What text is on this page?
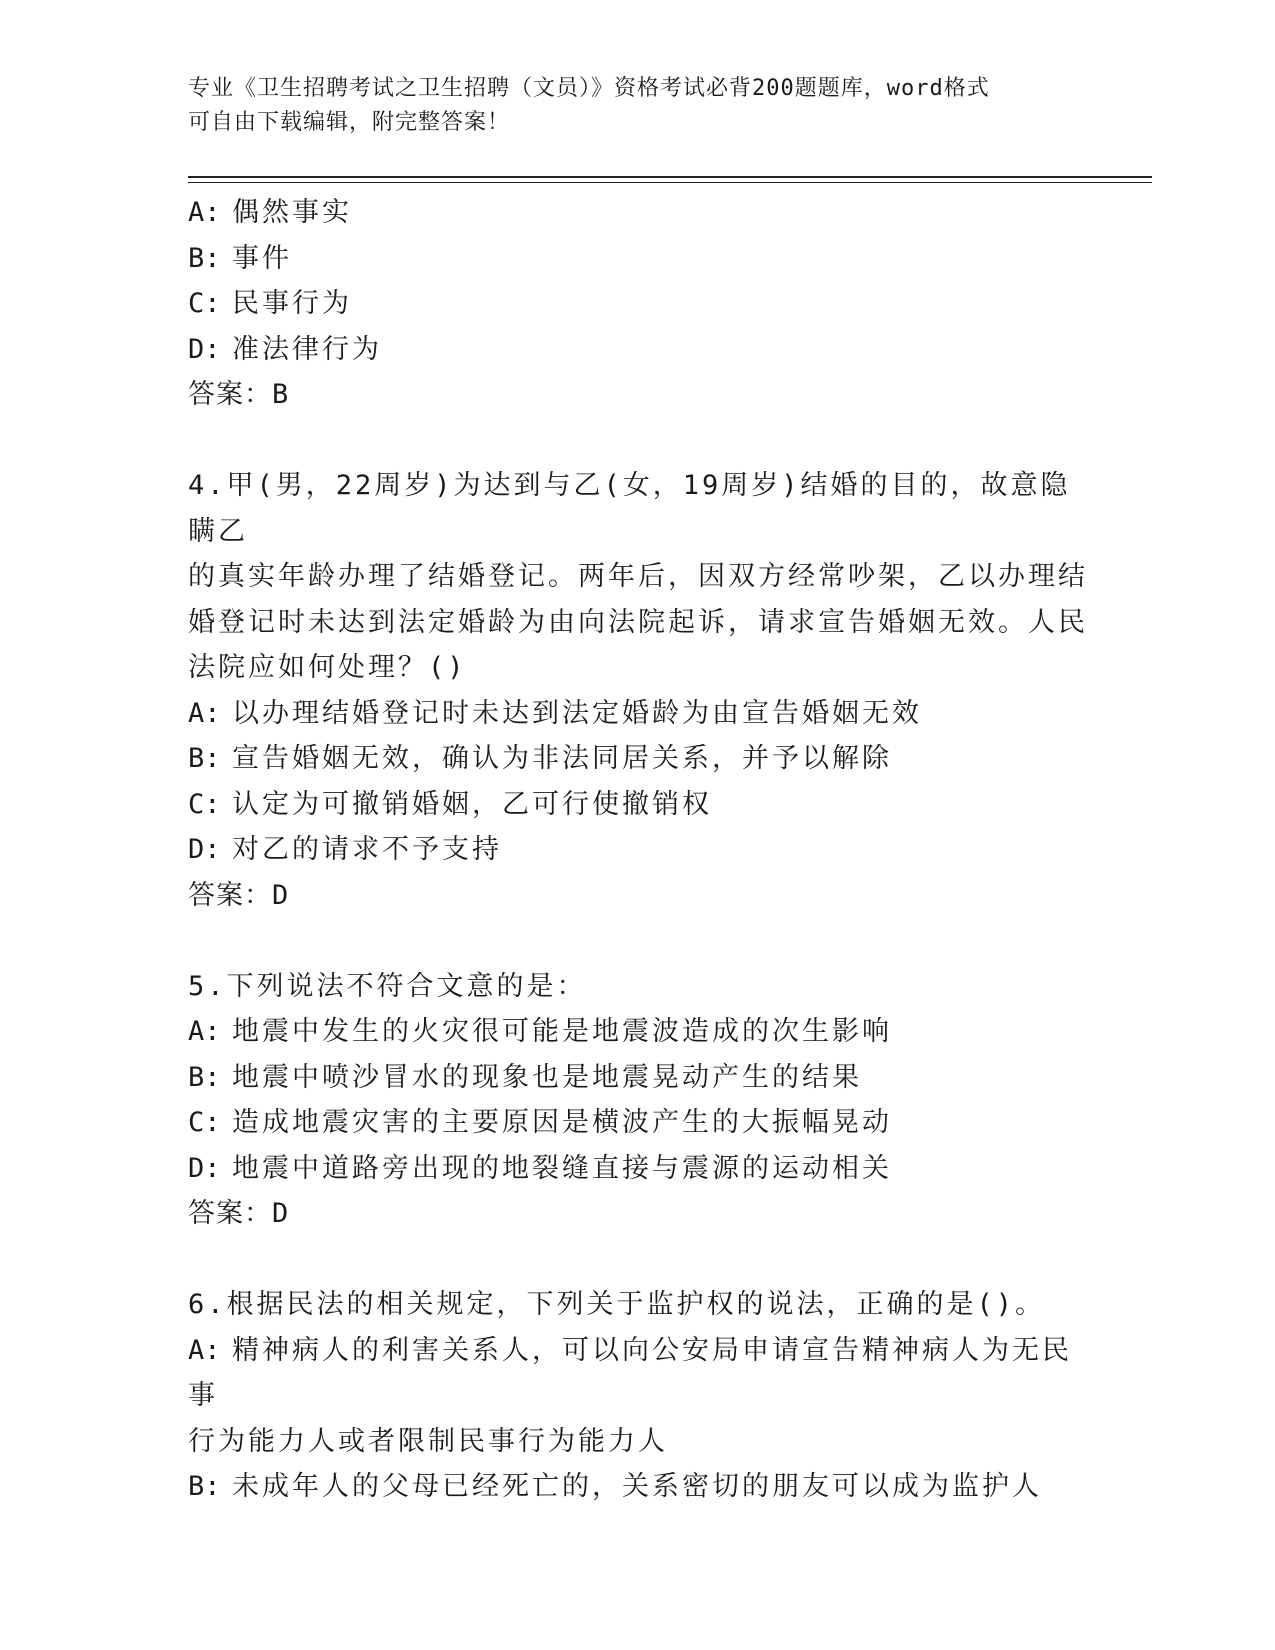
专业《卫生招聘考试之卫生招聘（文员）》资格考试必背200题题库，word格式
可自由下载编辑，附完整答案！
A: 偶然事实
B: 事件
C: 民事行为
D: 准法律行为
答案：B
4.甲(男，22周岁)为达到与乙(女，19周岁)结婚的目的，故意隐瞒乙
的真实年龄办理了结婚登记。两年后，因双方经常吵架，乙以办理结
婚登记时未达到法定婚龄为由向法院起诉，请求宣告婚姻无效。人民
法院应如何处理？()
A: 以办理结婚登记时未达到法定婚龄为由宣告婚姻无效
B: 宣告婚姻无效，确认为非法同居关系，并予以解除
C: 认定为可撤销婚姻，乙可行使撤销权
D: 对乙的请求不予支持
答案：D
5.下列说法不符合文意的是：
A: 地震中发生的火灾很可能是地震波造成的次生影响
B: 地震中喷沙冒水的现象也是地震晃动产生的结果
C: 造成地震灾害的主要原因是横波产生的大振幅晃动
D: 地震中道路旁出现的地裂缝直接与震源的运动相关
答案：D
6.根据民法的相关规定，下列关于监护权的说法，正确的是()。
A: 精神病人的利害关系人，可以向公安局申请宣告精神病人为无民事
行为能力人或者限制民事行为能力人
B: 未成年人的父母已经死亡的，关系密切的朋友可以成为监护人
